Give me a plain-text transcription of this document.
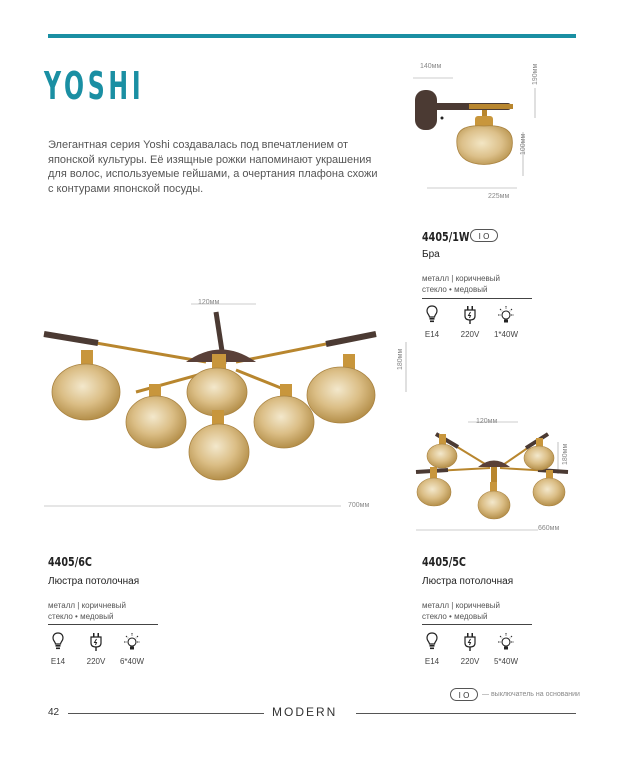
YOSHI
Элегантная серия Yoshi создавалась под впечатлением от японской культуры. Её изящные рожки напоминают украшения для волос, используемые гейшами, а очертания плафона схожи с контурами японской посуды.
140мм	190мм
100мм
225мм
4405/1W	I O
Бра
металл | коричневый
стекло • медовый
E14	220V	1*40W
120мм
180мм
700мм
4405/6C
Люстра потолочная
металл | коричневый
стекло • медовый
E14	220V	6*40W
120мм
180мм
660мм
4405/5C
Люстра потолочная
металл | коричневый
стекло • медовый
E14	220V	5*40W
I O	— выключатель на основании
42	MODERN
